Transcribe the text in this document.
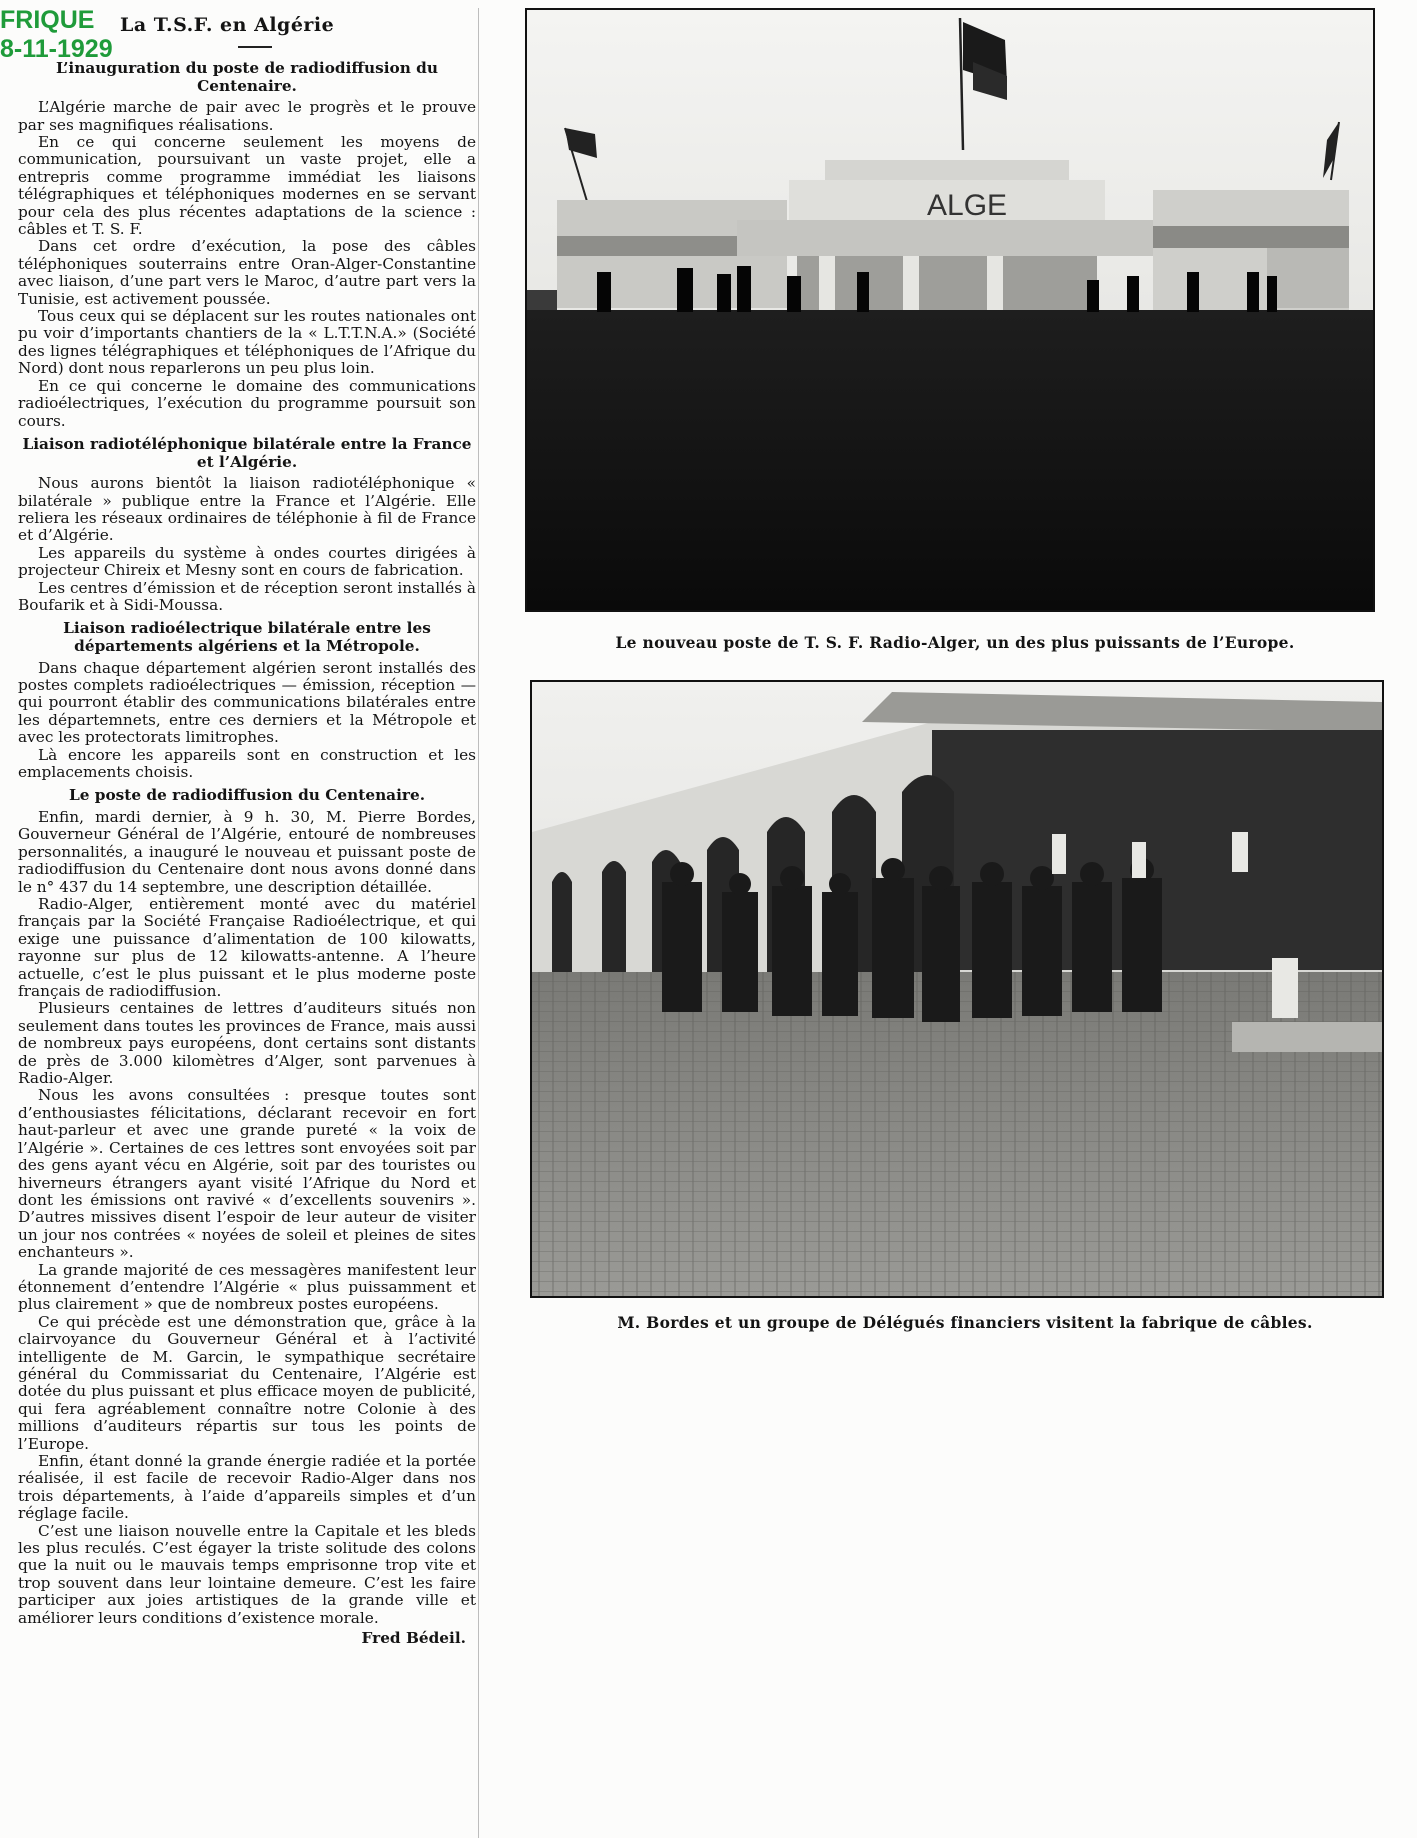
FRIQUE
8-11-1929
La T.S.F. en Algérie
L’inauguration du poste de radiodiffusion du Centenaire.

L’Algérie marche de pair avec le progrès et le prouve par ses magnifiques réalisations.

En ce qui concerne seulement les moyens de communication, poursuivant un vaste projet, elle a entrepris comme programme immédiat les liaisons télégraphiques et téléphoniques modernes en se servant pour cela des plus récentes adaptations de la science : câbles et T. S. F.

Dans cet ordre d’exécution, la pose des câbles téléphoniques souterrains entre Oran-Alger-Constantine avec liaison, d’une part vers le Maroc, d’autre part vers la Tunisie, est activement poussée.

Tous ceux qui se déplacent sur les routes nationales ont pu voir d’importants chantiers de la « L.T.T.N.A.» (Société des lignes télégraphiques et téléphoniques de l’Afrique du Nord) dont nous reparlerons un peu plus loin.

En ce qui concerne le domaine des communications radioélectriques, l’exécution du programme poursuit son cours.

Liaison radiotéléphonique bilatérale entre la France et l’Algérie.

Nous aurons bientôt la liaison radiotéléphonique « bilatérale » publique entre la France et l’Algérie. Elle reliera les réseaux ordinaires de téléphonie à fil de France et d’Algérie.

Les appareils du système à ondes courtes dirigées à projecteur Chireix et Mesny sont en cours de fabrication.

Les centres d’émission et de réception seront installés à Boufarik et à Sidi-Moussa.

Liaison radioélectrique bilatérale entre les départements algériens et la Métropole.

Dans chaque département algérien seront installés des postes complets radioélectriques — émission, réception — qui pourront établir des communications bilatérales entre les départemnets, entre ces derniers et la Métropole et avec les protectorats limitrophes.

Là encore les appareils sont en construction et les emplacements choisis.

Le poste de radiodiffusion du Centenaire.

Enfin, mardi dernier, à 9 h. 30, M. Pierre Bordes, Gouverneur Général de l’Algérie, entouré de nombreuses personnalités, a inauguré le nouveau et puissant poste de radiodiffusion du Centenaire dont nous avons donné dans le n° 437 du 14 septembre, une description détaillée.

Radio-Alger, entièrement monté avec du matériel français par la Société Française Radioélectrique, et qui exige une puissance d’alimentation de 100 kilowatts, rayonne sur plus de 12 kilowatts-antenne. A l’heure actuelle, c’est le plus puissant et le plus moderne poste français de radiodiffusion.

Plusieurs centaines de lettres d’auditeurs situés non seulement dans toutes les provinces de France, mais aussi de nombreux pays européens, dont certains sont distants de près de 3.000 kilomètres d’Alger, sont parvenues à Radio-Alger.

Nous les avons consultées : presque toutes sont d’enthousiastes félicitations, déclarant recevoir en fort haut-parleur et avec une grande pureté « la voix de l’Algérie ». Certaines de ces lettres sont envoyées soit par des gens ayant vécu en Algérie, soit par des touristes ou hiverneurs étrangers ayant visité l’Afrique du Nord et dont les émissions ont ravivé « d’excellents souvenirs ». D’autres missives disent l’espoir de leur auteur de visiter un jour nos contrées « noyées de soleil et pleines de sites enchanteurs ».

La grande majorité de ces messagères manifestent leur étonnement d’entendre l’Algérie « plus puissamment et plus clairement » que de nombreux postes européens.

Ce qui précède est une démonstration que, grâce à la clairvoyance du Gouverneur Général et à l’activité intelligente de M. Garcin, le sympathique secrétaire général du Commissariat du Centenaire, l’Algérie est dotée du plus puissant et plus efficace moyen de publicité, qui fera agréablement connaître notre Colonie à des millions d’auditeurs répartis sur tous les points de l’Europe.

Enfin, étant donné la grande énergie radiée et la portée réalisée, il est facile de recevoir Radio-Alger dans nos trois départements, à l’aide d’appareils simples et d’un réglage facile.

C’est une liaison nouvelle entre la Capitale et les bleds les plus reculés. C’est égayer la triste solitude des colons que la nuit ou le mauvais temps emprisonne trop vite et trop souvent dans leur lointaine demeure. C’est les faire participer aux joies artistiques de la grande ville et améliorer leurs conditions d’existence morale.

Fred Bédeil.

ALGE
Le nouveau poste de T. S. F. Radio-Alger, un des plus puissants de l’Europe.
M. Bordes et un groupe de Délégués financiers visitent la fabrique de câbles.
